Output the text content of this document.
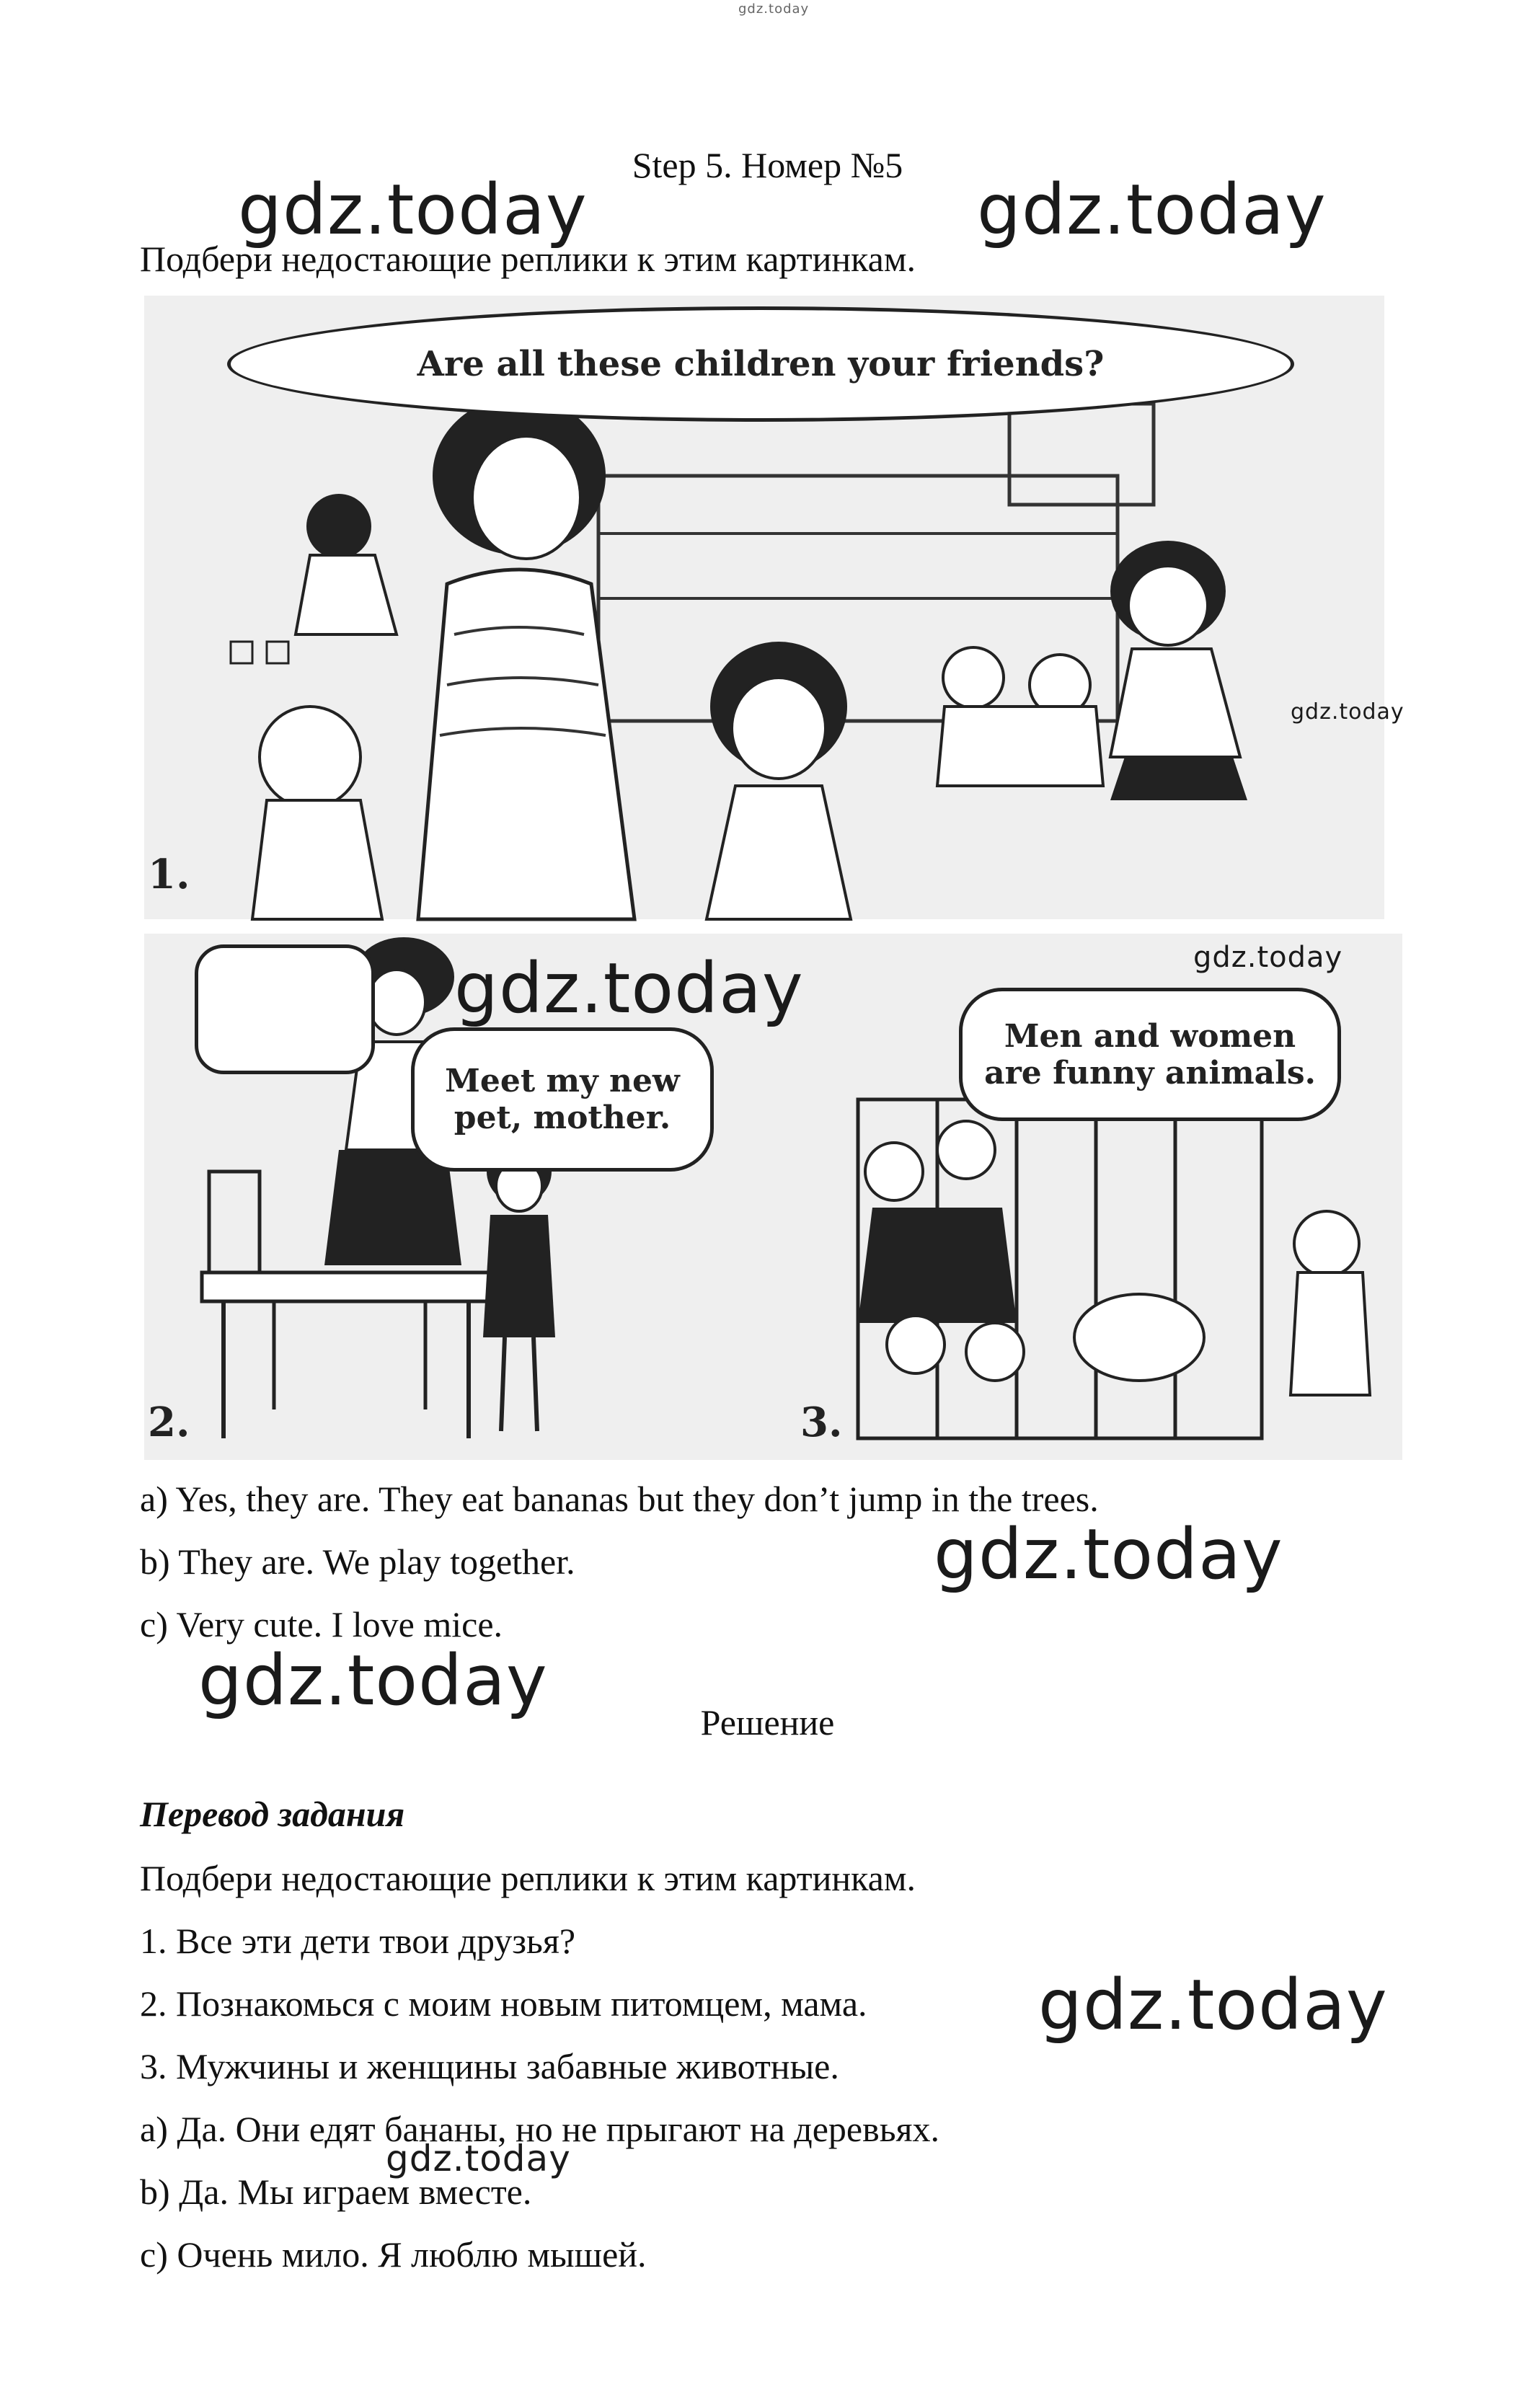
gdz.today
Step 5. Номер №5
Подбери недостающие реплики к этим картинкам.
gdz.today	gdz.today
Are all these children your friends?
1.
gdz.today
Meet my new pet, mother.
Men and women are funny animals.
2.	3.
gdz.today
gdz.today
a) Yes, they are. They eat bananas but they don’t jump in the trees.
b) They are. We play together.
c) Very cute. I love mice.
gdz.today
gdz.today
Решение
Перевод задания
Подбери недостающие реплики к этим картинкам.
1. Все эти дети твои друзья?
2. Познакомься с моим новым питомцем, мама.
3. Мужчины и женщины забавные животные.
a) Да. Они едят бананы, но не прыгают на деревьях.
b) Да. Мы играем вместе.
c) Очень мило. Я люблю мышей.
gdz.today
gdz.today
